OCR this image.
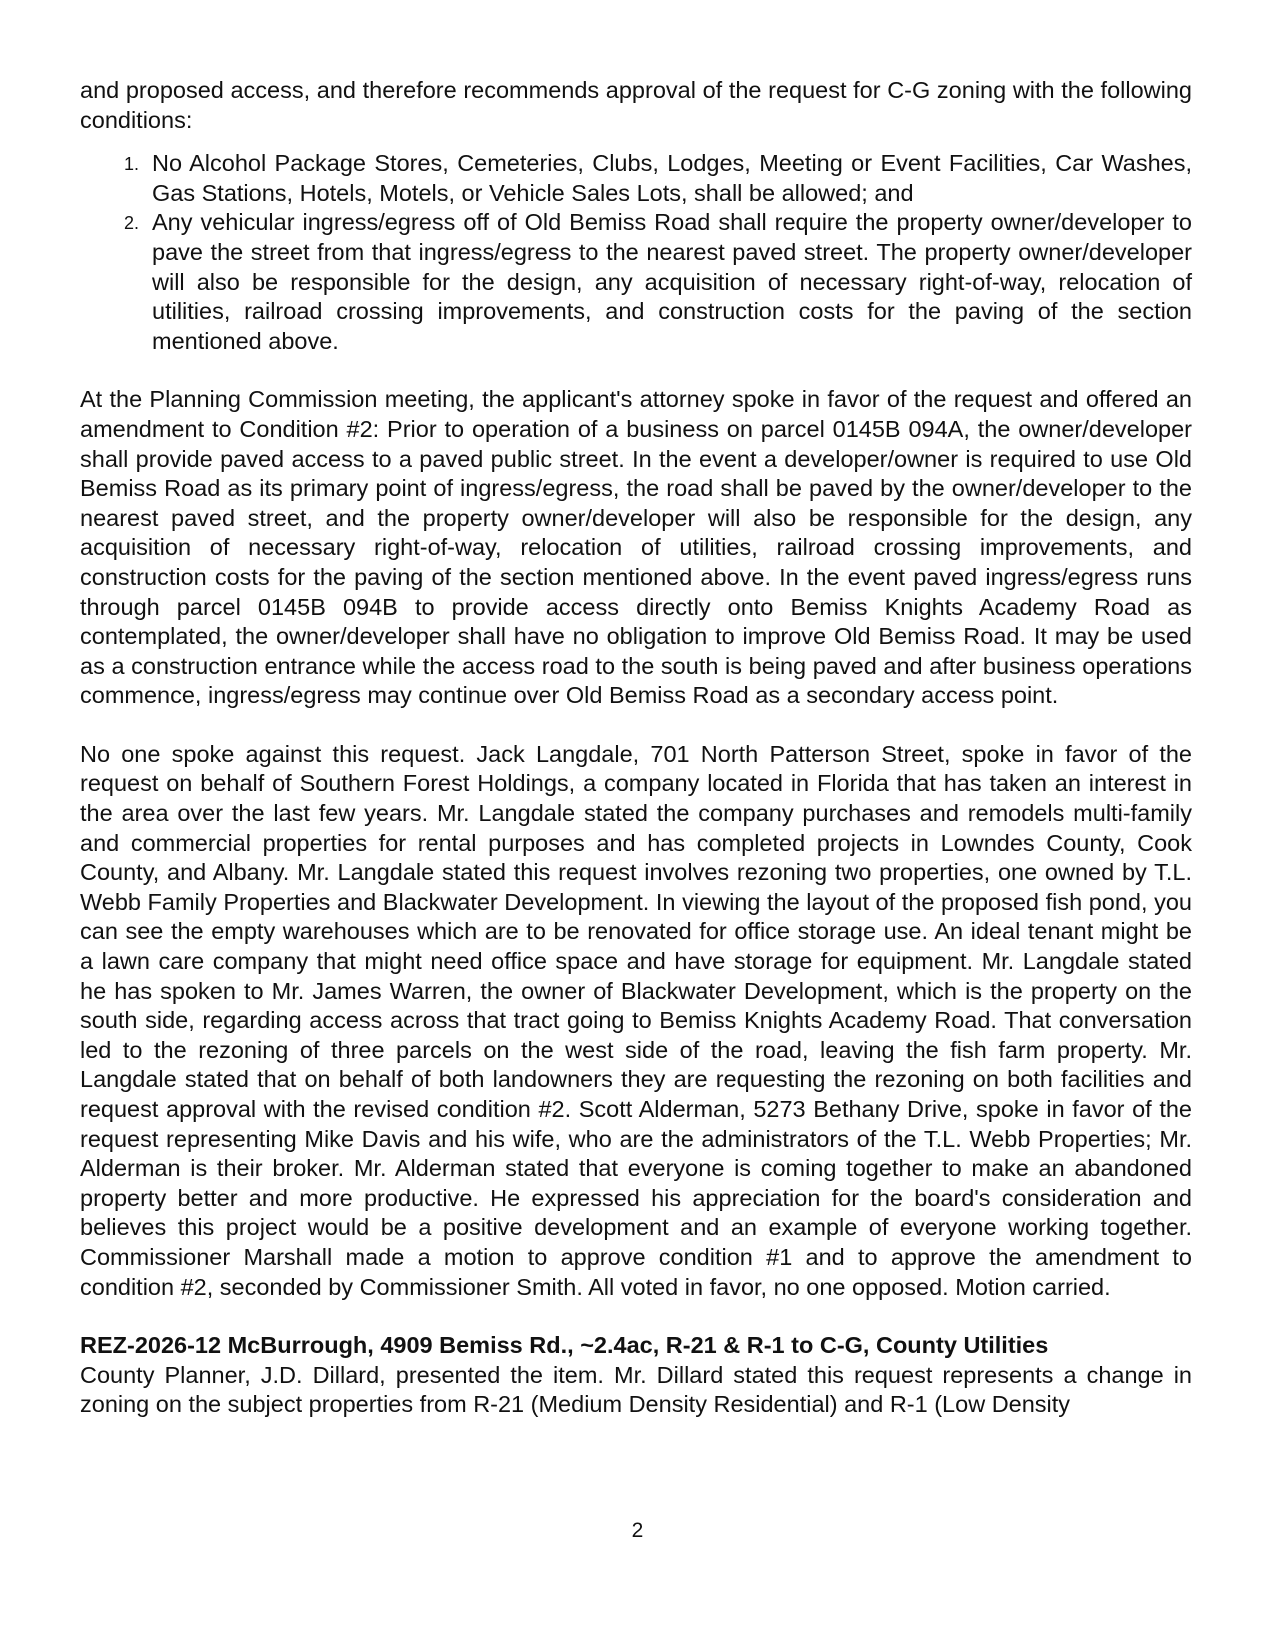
and proposed access, and therefore recommends approval of the request for C-G zoning with the following conditions:

1. No Alcohol Package Stores, Cemeteries, Clubs, Lodges, Meeting or Event Facilities, Car Washes, Gas Stations, Hotels, Motels, or Vehicle Sales Lots, shall be allowed; and
2. Any vehicular ingress/egress off of Old Bemiss Road shall require the property owner/developer to pave the street from that ingress/egress to the nearest paved street. The property owner/developer will also be responsible for the design, any acquisition of necessary right-of-way, relocation of utilities, railroad crossing improvements, and construction costs for the paving of the section mentioned above.

At the Planning Commission meeting, the applicant's attorney spoke in favor of the request and offered an amendment to Condition #2: Prior to operation of a business on parcel 0145B 094A, the owner/developer shall provide paved access to a paved public street. In the event a developer/owner is required to use Old Bemiss Road as its primary point of ingress/egress, the road shall be paved by the owner/developer to the nearest paved street, and the property owner/developer will also be responsible for the design, any acquisition of necessary right-of-way, relocation of utilities, railroad crossing improvements, and construction costs for the paving of the section mentioned above. In the event paved ingress/egress runs through parcel 0145B 094B to provide access directly onto Bemiss Knights Academy Road as contemplated, the owner/developer shall have no obligation to improve Old Bemiss Road. It may be used as a construction entrance while the access road to the south is being paved and after business operations commence, ingress/egress may continue over Old Bemiss Road as a secondary access point.

No one spoke against this request. Jack Langdale, 701 North Patterson Street, spoke in favor of the request on behalf of Southern Forest Holdings, a company located in Florida that has taken an interest in the area over the last few years. Mr. Langdale stated the company purchases and remodels multi-family and commercial properties for rental purposes and has completed projects in Lowndes County, Cook County, and Albany. Mr. Langdale stated this request involves rezoning two properties, one owned by T.L. Webb Family Properties and Blackwater Development. In viewing the layout of the proposed fish pond, you can see the empty warehouses which are to be renovated for office storage use. An ideal tenant might be a lawn care company that might need office space and have storage for equipment. Mr. Langdale stated he has spoken to Mr. James Warren, the owner of Blackwater Development, which is the property on the south side, regarding access across that tract going to Bemiss Knights Academy Road. That conversation led to the rezoning of three parcels on the west side of the road, leaving the fish farm property. Mr. Langdale stated that on behalf of both landowners they are requesting the rezoning on both facilities and request approval with the revised condition #2. Scott Alderman, 5273 Bethany Drive, spoke in favor of the request representing Mike Davis and his wife, who are the administrators of the T.L. Webb Properties; Mr. Alderman is their broker. Mr. Alderman stated that everyone is coming together to make an abandoned property better and more productive. He expressed his appreciation for the board's consideration and believes this project would be a positive development and an example of everyone working together. Commissioner Marshall made a motion to approve condition #1 and to approve the amendment to condition #2, seconded by Commissioner Smith. All voted in favor, no one opposed. Motion carried.

REZ-2026-12 McBurrough, 4909 Bemiss Rd., ~2.4ac, R-21 & R-1 to C-G, County Utilities

County Planner, J.D. Dillard, presented the item. Mr. Dillard stated this request represents a change in zoning on the subject properties from R-21 (Medium Density Residential) and R-1 (Low Density

2
